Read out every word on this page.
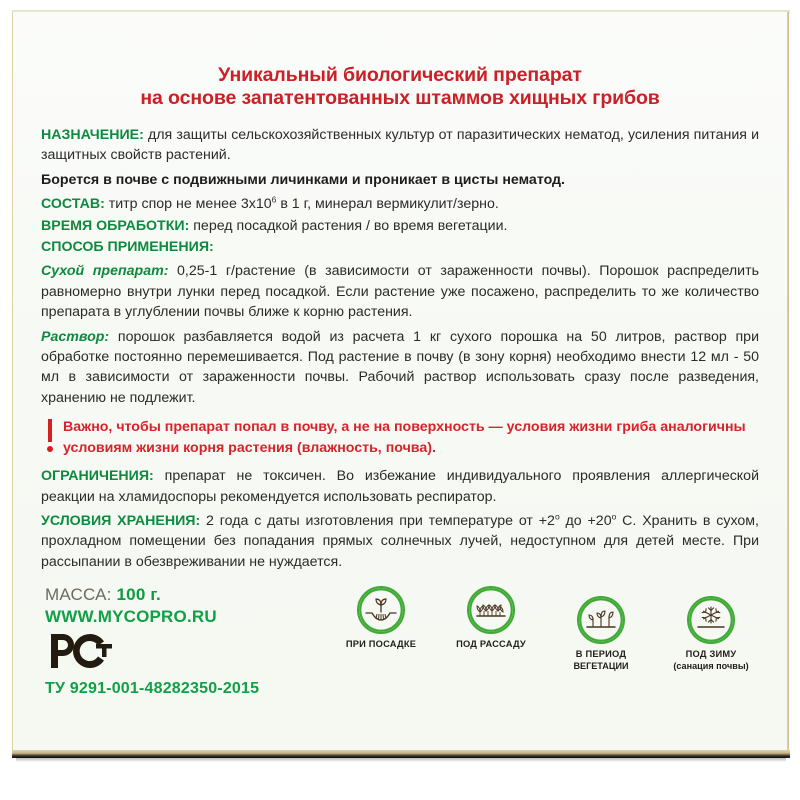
Уникальный биологический препарат
на основе запатентованных штаммов хищных грибов

НАЗНАЧЕНИЕ: для защиты сельскохозяйственных культур от паразитических нематод, усиления питания и защитных свойств растений.

Борется в почве с подвижными личинками и проникает в цисты нематод.

СОСТАВ: титр спор не менее $3х10^6$ в 1 г, минерал вермикулит/зерно.

ВРЕМЯ ОБРАБОТКИ: перед посадкой растения / во время вегетации.

СПОСОБ ПРИМЕНЕНИЯ:

Сухой препарат: 0,25-1 г/растение (в зависимости от зараженности почвы). Порошок распределить равномерно внутри лунки перед посадкой. Если растение уже посажено, распределить то же количество препарата в углублении почвы ближе к корню растения.

Раствор: порошок разбавляется водой из расчета 1 кг сухого порошка на 50 литров, раствор при обработке постоянно перемешивается. Под растение в почву (в зону корня) необходимо внести 12 мл - 50 мл в зависимости от зараженности почвы. Рабочий раствор использовать сразу после разведения, хранению не подлежит.

Важно, чтобы препарат попал в почву, а не на поверхность — условия жизни гриба аналогичны условиям жизни корня растения (влажность, почва).

ОГРАНИЧЕНИЯ: препарат не токсичен. Во избежание индивидуального проявления аллергической реакции на хламидоспоры рекомендуется использовать респиратор.

УСЛОВИЯ ХРАНЕНИЯ: 2 года с даты изготовления при температуре от $+2^о$ до $+20^о$ С. Хранить в сухом, прохладном помещении без попадания прямых солнечных лучей, недоступном для детей месте. При рассыпании в обезвреживании не нуждается.

МАССА: 100 г.
WWW.MYCOPRO.RU
ТУ 9291-001-48282350-2015
ПРИ ПОСАДКЕ	ПОД РАССАДУ
В ПЕРИОД
ВЕГЕТАЦИИ
ПОД ЗИМУ
(санация почвы)
